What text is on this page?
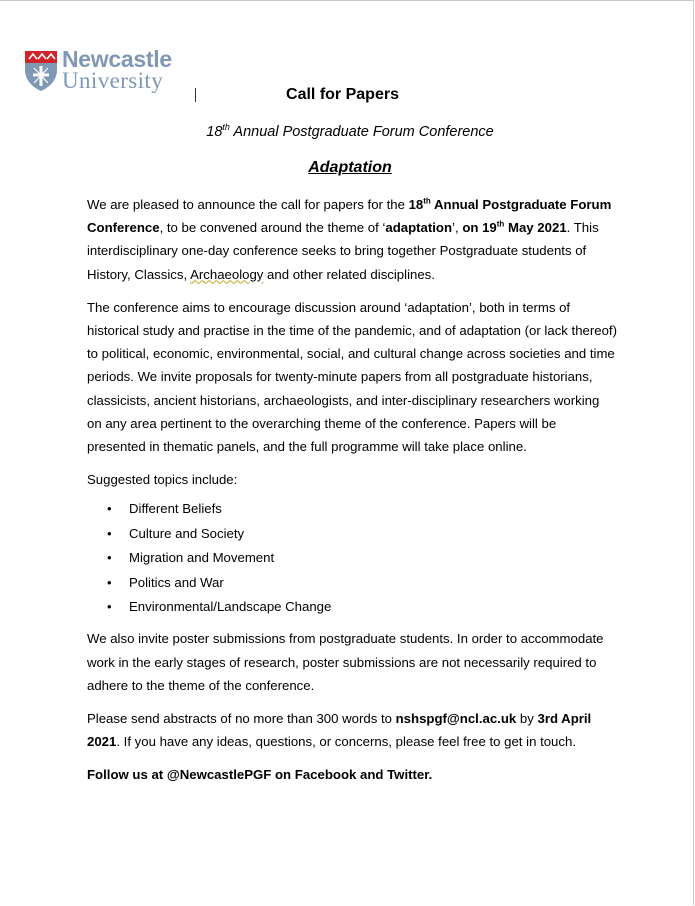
Newcastle
University
Call for Papers
18th Annual Postgraduate Forum Conference
Adaptation

We are pleased to announce the call for papers for the 18th Annual Postgraduate Forum Conference, to be convened around the theme of ‘adaptation’, on 19th May 2021. This interdisciplinary one-day conference seeks to bring together Postgraduate students of History, Classics, Archaeology and other related disciplines.

The conference aims to encourage discussion around ‘adaptation’, both in terms of historical study and practise in the time of the pandemic, and of adaptation (or lack thereof) to political, economic, environmental, social, and cultural change across societies and time periods. We invite proposals for twenty-minute papers from all postgraduate historians, classicists, ancient historians, archaeologists, and inter-disciplinary researchers working on any area pertinent to the overarching theme of the conference. Papers will be presented in thematic panels, and the full programme will take place online.

Suggested topics include:

• Different Beliefs
• Culture and Society
• Migration and Movement
• Politics and War
• Environmental/Landscape Change

We also invite poster submissions from postgraduate students. In order to accommodate work in the early stages of research, poster submissions are not necessarily required to adhere to the theme of the conference.

Please send abstracts of no more than 300 words to nshspgf@ncl.ac.uk by 3rd April 2021. If you have any ideas, questions, or concerns, please feel free to get in touch.

Follow us at @NewcastlePGF on Facebook and Twitter.
